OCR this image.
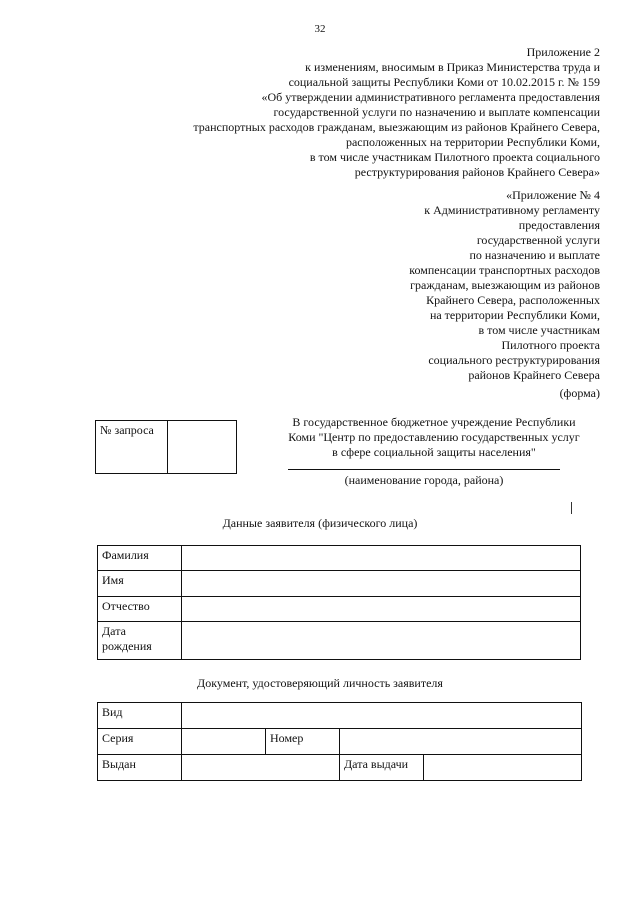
32
Приложение 2
к изменениям, вносимым в Приказ Министерства труда и
социальной защиты Республики Коми от 10.02.2015 г. № 159
«Об утверждении административного регламента предоставления
государственной услуги по назначению и выплате компенсации
транспортных расходов гражданам, выезжающим из районов Крайнего Севера,
расположенных на территории Республики Коми,
в том числе участникам Пилотного проекта социального
реструктурирования районов Крайнего Севера»
«Приложение № 4
к Административному регламенту
предоставления
государственной услуги
по назначению и выплате
компенсации транспортных расходов
гражданам, выезжающим из районов
Крайнего Севера, расположенных
на территории Республики Коми,
в том числе участникам
Пилотного проекта
социального реструктурирования
районов Крайнего Севера
(форма)
№ запроса
В государственное бюджетное учреждение Республики
Коми "Центр по предоставлению государственных услуг
в сфере социальной защиты населения"
(наименование города, района)
Данные заявителя (физического лица)
Фамилия	
Имя	
Отчество	

Дата
рождения	

Документ, удостоверяющий личность заявителя
Вид				
Серия		Номер		
Выдан			Дата выдачи	
